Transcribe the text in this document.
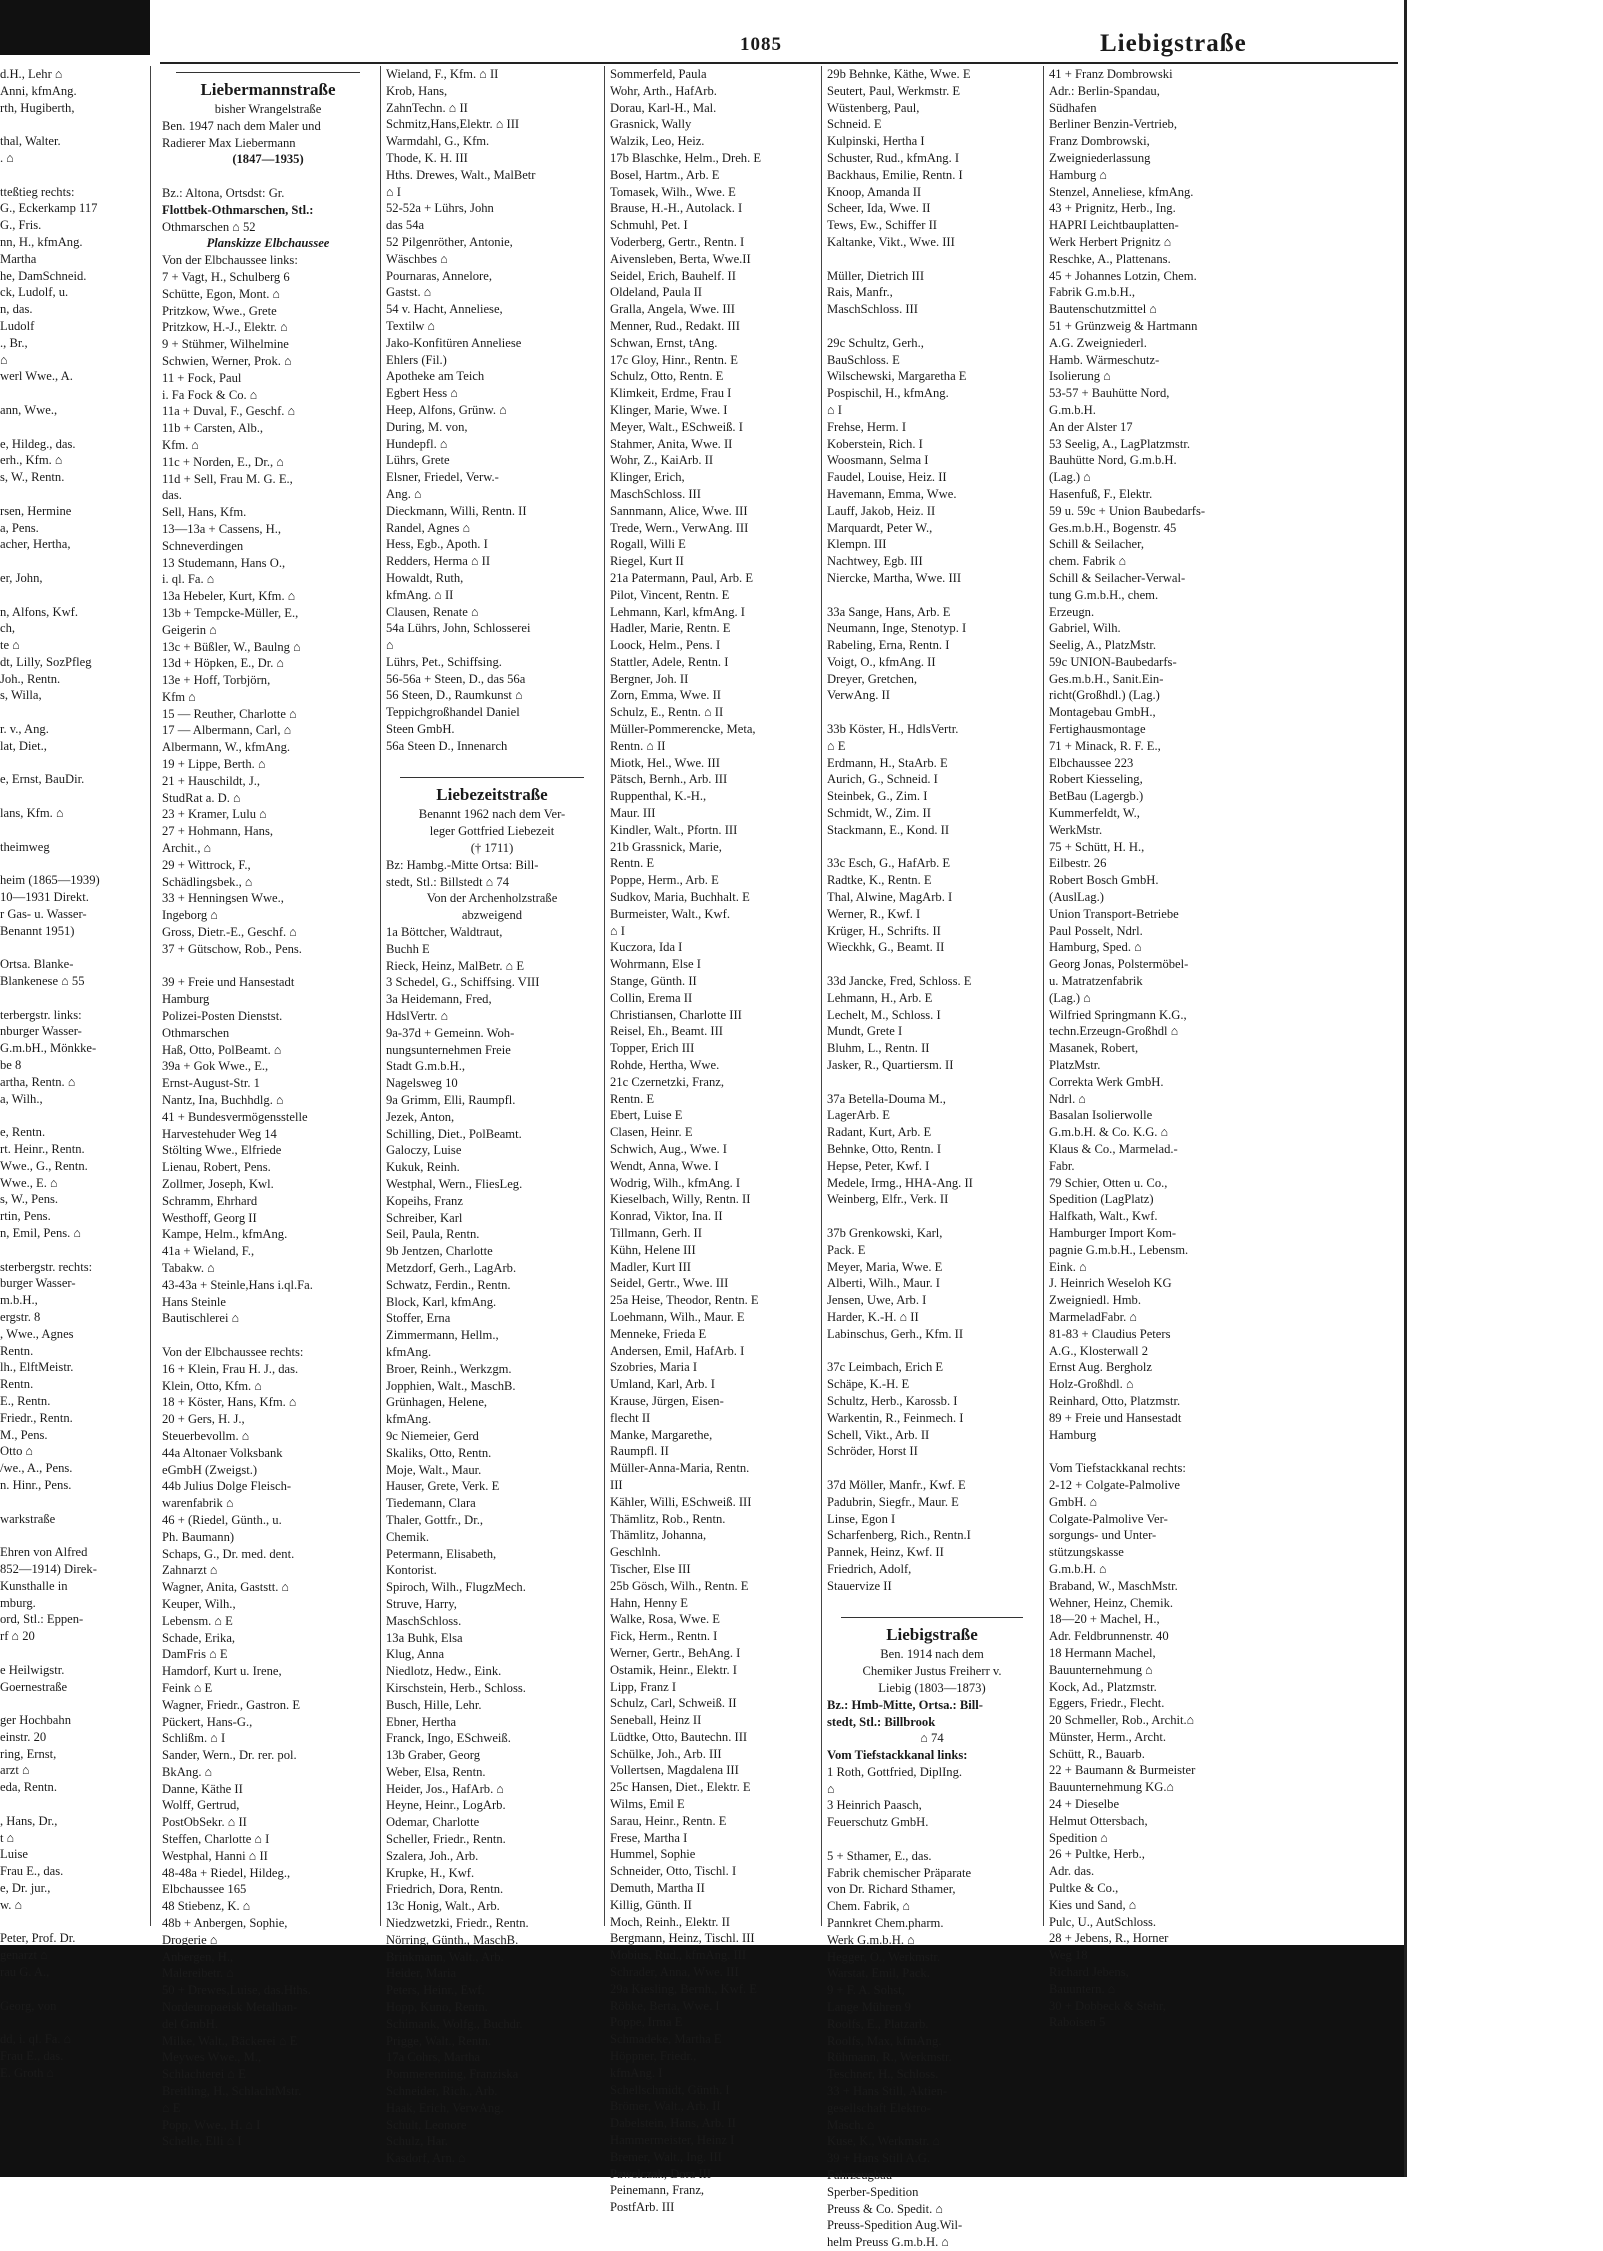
1085	Liebigstraße
d.H., Lehr ⌂
Anni, kfmAng.
rth, Hugiberth,

thal, Walter.
. ⌂

tteßtieg rechts:
G., Eckerkamp 117
G., Fris.
nn, H., kfmAng.
Martha
he, DamSchneid.
ck, Ludolf, u.
n, das.
Ludolf
., Br.,
⌂
werl Wwe., A.

ann, Wwe.,

e, Hildeg., das.
erh., Kfm. ⌂
s, W., Rentn.

rsen, Hermine
a, Pens.
acher, Hertha,

er, John,

n, Alfons, Kwf.
ch,
te ⌂
dt, Lilly, SozPfleg
Joh., Rentn.
s, Willa,

r. v., Ang.
lat, Diet.,

e, Ernst, BauDir.

lans, Kfm. ⌂

theimweg

heim (1865—1939)
10—1931 Direkt.
r Gas- u. Wasser-
Benannt 1951)

Ortsa. Blanke-
Blankenese ⌂ 55

terbergstr. links:
nburger Wasser-
G.m.bH., Mönkke-
be 8
artha, Rentn. ⌂
a, Wilh.,

e, Rentn.
rt. Heinr., Rentn.
Wwe., G., Rentn.
Wwe., E. ⌂
s, W., Pens.
rtin, Pens.
n, Emil, Pens. ⌂

sterbergstr. rechts:
burger Wasser-
m.b.H.,
ergstr. 8
, Wwe., Agnes
Rentn.
lh., ElftMeistr.
Rentn.
E., Rentn.
Friedr., Rentn.
M., Pens.
Otto ⌂
/we., A., Pens.
n. Hinr., Pens.

warkstraße

Ehren von Alfred
852—1914) Direk-
Kunsthalle in
mburg.
ord, Stl.: Eppen-
rf ⌂ 20

e Heilwigstr.
Goernestraße

ger Hochbahn
einstr. 20
ring, Ernst,
arzt ⌂
eda, Rentn.

, Hans, Dr.,
t ⌂
Luise
Frau E., das.
e, Dr. jur.,
w. ⌂

Peter, Prof. Dr.
genarzt ⌂
rau G. A.,

Georg, von

dd, i. ql. Fa. ⌂
Frau E., das.
E. Groth ⌂
Liebermannstraße
bisher Wrangelstraße
Ben. 1947 nach dem Maler und
Radierer Max Liebermann
(1847—1935)

Bz.: Altona, Ortsdst: Gr.
Flottbek-Othmarschen, Stl.:
Othmarschen ⌂ 52
Planskizze Elbchaussee
Von der Elbchaussee links:
7 + Vagt, H., Schulberg 6
Schütte, Egon, Mont. ⌂
Pritzkow, Wwe., Grete
Pritzkow, H.-J., Elektr. ⌂
9 + Stühmer, Wilhelmine
Schwien, Werner, Prok. ⌂
11 + Fock, Paul
i. Fa Fock & Co. ⌂
11a + Duval, F., Geschf. ⌂
11b + Carsten, Alb.,
Kfm. ⌂
11c + Norden, E., Dr., ⌂
11d + Sell, Frau M. G. E.,
das.
Sell, Hans, Kfm.
13—13a + Cassens, H.,
Schneverdingen
13 Studemann, Hans O.,
i. ql. Fa. ⌂
13a Hebeler, Kurt, Kfm. ⌂
13b + Tempcke-Müller, E.,
Geigerin ⌂
13c + Büßler, W., Baulng ⌂
13d + Höpken, E., Dr. ⌂
13e + Hoff, Torbjörn,
Kfm ⌂
15 — Reuther, Charlotte ⌂
17 — Albermann, Carl, ⌂
Albermann, W., kfmAng.
19 + Lippe, Berth. ⌂
21 + Hauschildt, J.,
StudRat a. D. ⌂
23 + Kramer, Lulu ⌂
27 + Hohmann, Hans,
Archit., ⌂
29 + Wittrock, F.,
Schädlingsbek., ⌂
33 + Henningsen Wwe.,
Ingeborg ⌂
Gross, Dietr.-E., Geschf. ⌂
37 + Gütschow, Rob., Pens.

39 + Freie und Hansestadt
Hamburg
Polizei-Posten Dienstst.
Othmarschen
Haß, Otto, PolBeamt. ⌂
39a + Gok Wwe., E.,
Ernst-August-Str. 1
Nantz, Ina, Buchhdlg. ⌂
41 + Bundesvermögensstelle
Harvestehuder Weg 14
Stölting Wwe., Elfriede
Lienau, Robert, Pens.
Zollmer, Joseph, Kwl.
Schramm, Ehrhard
Westhoff, Georg II
Kampe, Helm., kfmAng.
41a + Wieland, F.,
Tabakw. ⌂
43-43a + Steinle,Hans i.ql.Fa.
Hans Steinle
Bautischlerei ⌂

Von der Elbchaussee rechts:
16 + Klein, Frau H. J., das.
Klein, Otto, Kfm. ⌂
18 + Köster, Hans, Kfm. ⌂
20 + Gers, H. J.,
Steuerbevollm. ⌂
44a Altonaer Volksbank
eGmbH (Zweigst.)
44b Julius Dolge Fleisch-
warenfabrik ⌂
46 + (Riedel, Günth., u.
Ph. Baumann)
Schaps, G., Dr. med. dent.
Zahnarzt ⌂
Wagner, Anita, Gaststt. ⌂
Keuper, Wilh.,
Lebensm. ⌂ E
Schade, Erika,
DamFris ⌂ E
Hamdorf, Kurt u. Irene,
Feink ⌂ E
Wagner, Friedr., Gastron. E
Pückert, Hans-G.,
Schlißm. ⌂ I
Sander, Wern., Dr. rer. pol.
BkAng. ⌂
Danne, Käthe II
Wolff, Gertrud,
PostObSekr. ⌂ II
Steffen, Charlotte ⌂ I
Westphal, Hanni ⌂ II
48-48a + Riedel, Hildeg.,
Elbchaussee 165
48 Stiebenz, K. ⌂
48b + Anbergen, Sophie,
Drogerie ⌂
Anbergen, H.,
Malereibetr. ⌂
50 + Drewes,Luise, das.Hths.
Nordeuropaeisk Metalhan-
del GmbH.
Milke, Walt., Bäckerei ⌂ E
Meywes Wwe., M.,
Schlachterei ⌂ E
Breitling, H., SchlachtMstr.
⌂ E
Popp, Wwe., H. ⌂ I
Schelle, Elli ⌂ I
Wieland, F., Kfm. ⌂ II
Krob, Hans,
ZahnTechn. ⌂ II
Schmitz,Hans,Elektr. ⌂ III
Warmdahl, G., Kfm.
Thode, K. H. III
Hths. Drewes, Walt., MalBetr
⌂ I
52-52a + Lührs, John
das 54a
52 Pilgenröther, Antonie,
Wäschbes ⌂
Pournaras, Annelore,
Gastst. ⌂
54 v. Hacht, Anneliese,
Textilw ⌂
Jako-Konfitüren Anneliese
Ehlers (Fil.)
Apotheke am Teich
Egbert Hess ⌂
Heep, Alfons, Grünw. ⌂
During, M. von,
Hundepfl. ⌂
Lührs, Grete
Elsner, Friedel, Verw.-
Ang. ⌂
Dieckmann, Willi, Rentn. II
Randel, Agnes ⌂
Hess, Egb., Apoth. I
Redders, Herma ⌂ II
Howaldt, Ruth,
kfmAng. ⌂ II
Clausen, Renate ⌂
54a Lührs, John, Schlosserei
⌂
Lührs, Pet., Schiffsing.
56-56a + Steen, D., das 56a
56 Steen, D., Raumkunst ⌂
Teppichgroßhandel Daniel
Steen GmbH.
56a Steen D., Innenarch

Liebezeitstraße
Benannt 1962 nach dem Ver-
leger Gottfried Liebezeit
(† 1711)
Bz: Hambg.-Mitte Ortsa: Bill-
stedt, Stl.: Billstedt ⌂ 74
Von der Archenholzstraße
abzweigend
1a Böttcher, Waldtraut,
Buchh E
Rieck, Heinz, MalBetr. ⌂ E
3 Schedel, G., Schiffsing. VIII
3a Heidemann, Fred,
HdslVertr. ⌂
9a-37d + Gemeinn. Woh-
nungsunternehmen Freie
Stadt G.m.b.H.,
Nagelsweg 10
9a Grimm, Elli, Raumpfl.
Jezek, Anton,
Schilling, Diet., PolBeamt.
Galoczy, Luise
Kukuk, Reinh.
Westphal, Wern., FliesLeg.
Kopeihs, Franz
Schreiber, Karl
Seil, Paula, Rentn.
9b Jentzen, Charlotte
Metzdorf, Gerh., LagArb.
Schwatz, Ferdin., Rentn.
Block, Karl, kfmAng.
Stoffer, Erna
Zimmermann, Hellm.,
kfmAng.
Broer, Reinh., Werkzgm.
Jopphien, Walt., MaschB.
Grünhagen, Helene,
kfmAng.
9c Niemeier, Gerd
Skaliks, Otto, Rentn.
Moje, Walt., Maur.
Hauser, Grete, Verk. E
Tiedemann, Clara
Thaler, Gottfr., Dr.,
Chemik.
Petermann, Elisabeth,
Kontorist.
Spiroch, Wilh., FlugzMech.
Struve, Harry,
MaschSchloss.
13a Buhk, Elsa
Klug, Anna
Niedlotz, Hedw., Eink.
Kirschstein, Herb., Schloss.
Busch, Hille, Lehr.
Ebner, Hertha
Franck, Ingo, ESchweiß.
13b Graber, Georg
Weber, Elsa, Rentn.
Heider, Jos., HafArb. ⌂
Heyne, Heinr., LogArb.
Odemar, Charlotte
Scheller, Friedr., Rentn.
Szalera, Joh., Arb.
Krupke, H., Kwf.
Friedrich, Dora, Rentn.
13c Honig, Walt., Arb.
Niedzwetzki, Friedr., Rentn.
Nörring, Günth., MaschB.
Brinkmann, Walt., Arb.
Heider, Maria
Peters, Heinr., Ewf.
Hopp, Kuno, Rentn.
Schimank, Wolfg., Buchdr.
Prigge, Walt., Rentn.
17a Cohrs, Martha
Pommerenning, Franziska
Schneider, Rich., Arb.
Haak, Erich, VerwAng.
Schult, Leonore
Schulz, Har.
Kasdorf, Arn. ⌂
Sommerfeld, Paula
Wohr, Arth., HafArb.
Dorau, Karl-H., Mal.
Grasnick, Wally
Walzik, Leo, Heiz.
17b Blaschke, Helm., Dreh. E
Bosel, Hartm., Arb. E
Tomasek, Wilh., Wwe. E
Brause, H.-H., Autolack. I
Schmuhl, Pet. I
Voderberg, Gertr., Rentn. I
Aivensleben, Berta, Wwe.II
Seidel, Erich, Bauhelf. II
Oldeland, Paula II
Gralla, Angela, Wwe. III
Menner, Rud., Redakt. III
Schwan, Ernst, tAng.
17c Gloy, Hinr., Rentn. E
Schulz, Otto, Rentn. E
Klimkeit, Erdme, Frau I
Klinger, Marie, Wwe. I
Meyer, Walt., ESchweiß. I
Stahmer, Anita, Wwe. II
Wohr, Z., KaiArb. II
Klinger, Erich,
MaschSchloss. III
Sannmann, Alice, Wwe. III
Trede, Wern., VerwAng. III
Rogall, Willi E
Riegel, Kurt II
21a Patermann, Paul, Arb. E
Pilot, Vincent, Rentn. E
Lehmann, Karl, kfmAng. I
Hadler, Marie, Rentn. E
Loock, Helm., Pens. I
Stattler, Adele, Rentn. I
Bergner, Joh. II
Zorn, Emma, Wwe. II
Schulz, E., Rentn. ⌂ II
Müller-Pommerencke, Meta,
Rentn. ⌂ II
Miotk, Hel., Wwe. III
Pätsch, Bernh., Arb. III
Ruppenthal, K.-H.,
Maur. III
Kindler, Walt., Pfortn. III
21b Grassnick, Marie,
Rentn. E
Poppe, Herm., Arb. E
Sudkov, Maria, Buchhalt. E
Burmeister, Walt., Kwf.
⌂ I
Kuczora, Ida I
Wohrmann, Else I
Stange, Günth. II
Collin, Erema II
Christiansen, Charlotte III
Reisel, Eh., Beamt. III
Topper, Erich III
Rohde, Hertha, Wwe.
21c Czernetzki, Franz,
Rentn. E
Ebert, Luise E
Clasen, Heinr. E
Schwich, Aug., Wwe. I
Wendt, Anna, Wwe. I
Wodrig, Wilh., kfmAng. I
Kieselbach, Willy, Rentn. II
Konrad, Viktor, Ina. II
Tillmann, Gerh. II
Kühn, Helene III
Madler, Kurt III
Seidel, Gertr., Wwe. III
25a Heise, Theodor, Rentn. E
Loehmann, Wilh., Maur. E
Menneke, Frieda E
Andersen, Emil, HafArb. I
Szobries, Maria I
Umland, Karl, Arb. I
Krause, Jürgen, Eisen-
flecht II
Manke, Margarethe,
Raumpfl. II
Müller-Anna-Maria, Rentn.
III
Kähler, Willi, ESchweiß. III
Thämlitz, Rob., Rentn.
Thämlitz, Johanna,
Geschlnh.
Tischer, Else III
25b Gösch, Wilh., Rentn. E
Hahn, Henny E
Walke, Rosa, Wwe. E
Fick, Herm., Rentn. I
Werner, Gertr., BehAng. I
Ostamik, Heinr., Elektr. I
Lipp, Franz I
Schulz, Carl, Schweiß. II
Seneball, Heinz II
Lüdtke, Otto, Bautechn. III
Schülke, Joh., Arb. III
Vollertsen, Magdalena III
25c Hansen, Diet., Elektr. E
Wilms, Emil E
Sarau, Heinr., Rentn. E
Frese, Martha I
Hummel, Sophie
Schneider, Otto, Tischl. I
Demuth, Martha II
Killig, Günth. II
Moch, Reinh., Elektr. II
Bergmann, Heinz, Tischl. III
Mobius, Rud., kfmAng. III
Schrader, Anna, Wwe. III
29a Kiesling, Bernh., Kwf. E
Röbke, Berta, Wwe. I
Poppe, Irma E
Schmadeke, Martha E
Höppner, Friedr.,
kfmAng. I
Schellschmidt, Günth. I
Brömer, Walt., Arb. II
Dabelstein, Hans, Arb. II
Hammermeister, Heinz I
Bremer, Walt., Ing. III
Pawelczak, Dora III
Peinemann, Franz,
PostfArb. III
29b Behnke, Käthe, Wwe. E
Seutert, Paul, Werkmstr. E
Wüstenberg, Paul,
Schneid. E
Kulpinski, Hertha I
Schuster, Rud., kfmAng. I
Backhaus, Emilie, Rentn. I
Knoop, Amanda II
Scheer, Ida, Wwe. II
Tews, Ew., Schiffer II
Kaltanke, Vikt., Wwe. III

Müller, Dietrich III
Rais, Manfr.,
MaschSchloss. III

29c Schultz, Gerh.,
BauSchloss. E
Wilschewski, Margaretha E
Pospischil, H., kfmAng.
⌂ I
Frehse, Herm. I
Koberstein, Rich. I
Woosmann, Selma I
Faudel, Louise, Heiz. II
Havemann, Emma, Wwe.
Lauff, Jakob, Heiz. II
Marquardt, Peter W.,
Klempn. III
Nachtwey, Egb. III
Niercke, Martha, Wwe. III

33a Sange, Hans, Arb. E
Neumann, Inge, Stenotyp. I
Rabeling, Erna, Rentn. I
Voigt, O., kfmAng. II
Dreyer, Gretchen,
VerwAng. II

33b Köster, H., HdlsVertr.
⌂ E
Erdmann, H., StaArb. E
Aurich, G., Schneid. I
Steinbek, G., Zim. I
Schmidt, W., Zim. II
Stackmann, E., Kond. II

33c Esch, G., HafArb. E
Radtke, K., Rentn. E
Thal, Alwine, MagArb. I
Werner, R., Kwf. I
Krüger, H., Schrifts. II
Wieckhk, G., Beamt. II

33d Jancke, Fred, Schloss. E
Lehmann, H., Arb. E
Lechelt, M., Schloss. I
Mundt, Grete I
Bluhm, L., Rentn. II
Jasker, R., Quartiersm. II

37a Betella-Douma M.,
LagerArb. E
Radant, Kurt, Arb. E
Behnke, Otto, Rentn. I
Hepse, Peter, Kwf. I
Medele, Irmg., HHA-Ang. II
Weinberg, Elfr., Verk. II

37b Grenkowski, Karl,
Pack. E
Meyer, Maria, Wwe. E
Alberti, Wilh., Maur. I
Jensen, Uwe, Arb. I
Harder, K.-H. ⌂ II
Labinschus, Gerh., Kfm. II

37c Leimbach, Erich E
Schäpe, K.-H. E
Schultz, Herb., Karossb. I
Warkentin, R., Feinmech. I
Schell, Vikt., Arb. II
Schröder, Horst II

37d Möller, Manfr., Kwf. E
Padubrin, Siegfr., Maur. E
Linse, Egon I
Scharfenberg, Rich., Rentn.I
Pannek, Heinz, Kwf. II
Friedrich, Adolf,
Stauervize II

Liebigstraße
Ben. 1914 nach dem
Chemiker Justus Freiherr v.
Liebig (1803—1873)
Bz.: Hmb-Mitte, Ortsa.: Bill-
stedt, Stl.: Billbrook
⌂ 74
Vom Tiefstackkanal links:
1 Roth, Gottfried, DiplIng.
⌂
3 Heinrich Paasch,
Feuerschutz GmbH.

5 + Sthamer, E., das.
Fabrik chemischer Präparate
von Dr. Richard Sthamer,
Chem. Fabrik, ⌂
Pannkret Chem.pharm.
Werk G.m.b.H. ⌂
Hegger, O., Werkmstr.
Warstat, Emil, Pack.
9 + F. A. Sohst,
Lange Mühren 9
Roolfs, E., Platzarb.
Roolfs, Max, kfmAng.
Rühmann, R., Werkmstr.
Teschner, H., Schloss.
33 + Hans Still, Aktien-
gesellschaft Elektro-
Masch. ⌂
Kuse, K., Werkmstr. ⌂
39 + Hans Still A.G.
Fahrzeugbau
Sperber-Spedition
Preuss & Co. Spedit. ⌂
Preuss-Spedition Aug.Wil-
helm Preuss G.m.b.H. ⌂
41 + Franz Dombrowski
Adr.: Berlin-Spandau,
Südhafen
Berliner Benzin-Vertrieb,
Franz Dombrowski,
Zweigniederlassung
Hamburg ⌂
Stenzel, Anneliese, kfmAng.
43 + Prignitz, Herb., Ing.
HAPRI Leichtbauplatten-
Werk Herbert Prignitz ⌂
Reschke, A., Plattenans.
45 + Johannes Lotzin, Chem.
Fabrik G.m.b.H.,
Bautenschutzmittel ⌂
51 + Grünzweig & Hartmann
A.G. Zweigniederl.
Hamb. Wärmeschutz-
Isolierung ⌂
53-57 + Bauhütte Nord,
G.m.b.H.
An der Alster 17
53 Seelig, A., LagPlatzmstr.
Bauhütte Nord, G.m.b.H.
(Lag.) ⌂
Hasenfuß, F., Elektr.
59 u. 59c + Union Baubedarfs-
Ges.m.b.H., Bogenstr. 45
Schill & Seilacher,
chem. Fabrik ⌂
Schill & Seilacher-Verwal-
tung G.m.b.H., chem.
Erzeugn.
Gabriel, Wilh.
Seelig, A., PlatzMstr.
59c UNION-Baubedarfs-
Ges.m.b.H., Sanit.Ein-
richt(Großhdl.) (Lag.)
Montagebau GmbH.,
Fertighausmontage
71 + Minack, R. F. E.,
Elbchaussee 223
Robert Kiesseling,
BetBau (Lagergb.)
Kummerfeldt, W.,
WerkMstr.
75 + Schütt, H. H.,
Eilbestr. 26
Robert Bosch GmbH.
(AuslLag.)
Union Transport-Betriebe
Paul Posselt, Ndrl.
Hamburg, Sped. ⌂
Georg Jonas, Polstermöbel-
u. Matratzenfabrik
(Lag.) ⌂
Wilfried Springmann K.G.,
techn.Erzeugn-Großhdl ⌂
Masanek, Robert,
PlatzMstr.
Correkta Werk GmbH.
Ndrl. ⌂
Basalan Isolierwolle
G.m.b.H. & Co. K.G. ⌂
Klaus & Co., Marmelad.-
Fabr.
79 Schier, Otten u. Co.,
Spedition (LagPlatz)
Halfkath, Walt., Kwf.
Hamburger Import Kom-
pagnie G.m.b.H., Lebensm.
Eink. ⌂
J. Heinrich Weseloh KG
Zweigniedl. Hmb.
MarmeladFabr. ⌂
81-83 + Claudius Peters
A.G., Klosterwall 2
Ernst Aug. Bergholz
Holz-Großhdl. ⌂
Reinhard, Otto, Platzmstr.
89 + Freie und Hansestadt
Hamburg

Vom Tiefstackkanal rechts:
2-12 + Colgate-Palmolive
GmbH. ⌂
Colgate-Palmolive Ver-
sorgungs- und Unter-
stützungskasse
G.m.b.H. ⌂
Braband, W., MaschMstr.
Wehner, Heinz, Chemik.
18—20 + Machel, H.,
Adr. Feldbrunnenstr. 40
18 Hermann Machel,
Bauunternehmung ⌂
Kock, Ad., Platzmstr.
Eggers, Friedr., Flecht.
20 Schmeller, Rob., Archit.⌂
Münster, Herm., Archt.
Schütt, R., Bauarb.
22 + Baumann & Burmeister
Bauunternehmung KG.⌂
24 + Dieselbe
Helmut Ottersbach,
Spedition ⌂
26 + Pultke, Herb.,
Adr. das.
Pultke & Co.,
Kies und Sand, ⌂
Pulc, U., AutSchloss.
28 + Jebens, R., Horner
Weg 18
Richard Jebens,
Bauuntern. ⌂
30 + Dobbeck & Stehr,
Raboisen 5
